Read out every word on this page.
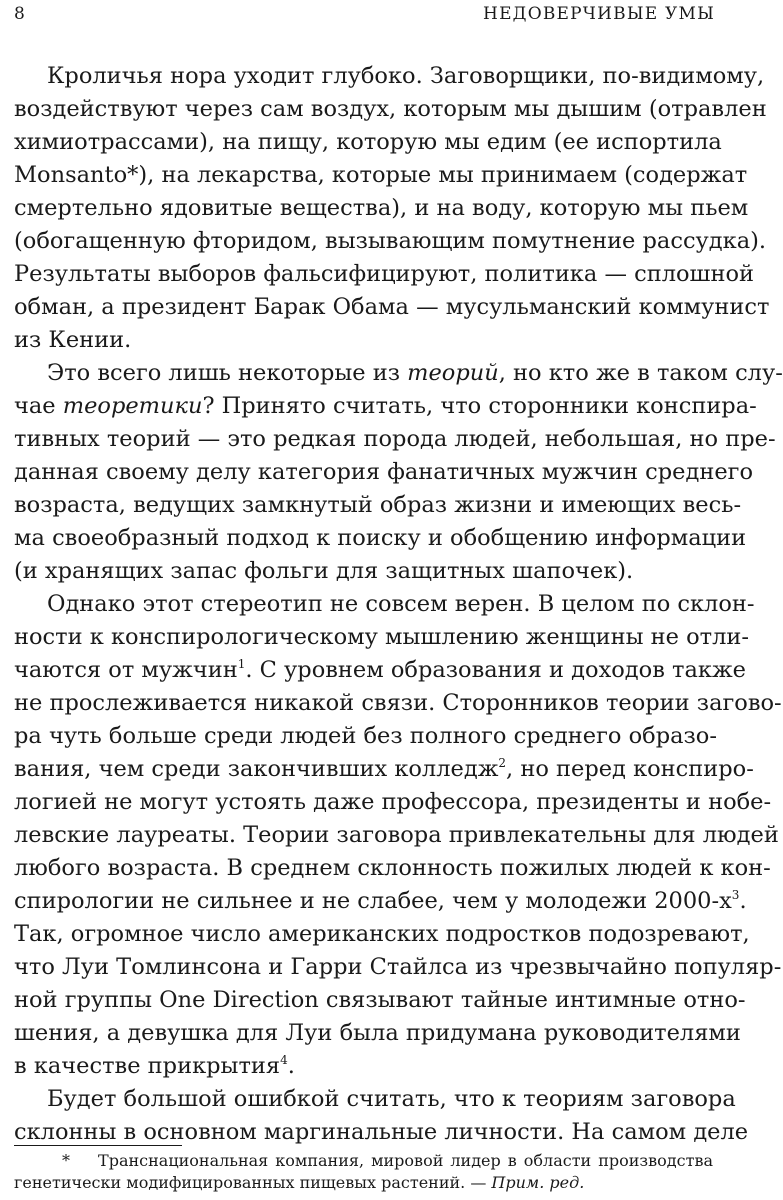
8	НЕДОВЕРЧИВЫЕ УМЫ
Кроличья нора уходит глубоко. Заговорщики, по-видимому,
воздействуют через сам воздух, которым мы дышим (отравлен
химиотрассами), на пищу, которую мы едим (ее испортила
Monsanto*), на лекарства, которые мы принимаем (содержат
смертельно ядовитые вещества), и на воду, которую мы пьем
(обогащенную фторидом, вызывающим помутнение рассудка).
Результаты выборов фальсифицируют, политика — сплошной
обман, а президент Барак Обама — мусульманский коммунист
из Кении.
Это всего лишь некоторые из теорий, но кто же в таком слу-
чае теоретики? Принято считать, что сторонники конспира-
тивных теорий — это редкая порода людей, небольшая, но пре-
данная своему делу категория фанатичных мужчин среднего
возраста, ведущих замкнутый образ жизни и имеющих весь-
ма своеобразный подход к поиску и обобщению информации
(и хранящих запас фольги для защитных шапочек).
Однако этот стереотип не совсем верен. В целом по склон-
ности к конспирологическому мышлению женщины не отли-
чаются от мужчин$^1$. С уровнем образования и доходов также
не прослеживается никакой связи. Сторонников теории загово-
ра чуть больше среди людей без полного среднего образо-
вания, чем среди закончивших колледж$^2$, но перед конспиро-
логией не могут устоять даже профессора, президенты и нобе-
левские лауреаты. Теории заговора привлекательны для людей
любого возраста. В среднем склонность пожилых людей к кон-
спирологии не сильнее и не слабее, чем у молодежи $2000-х^3$.
Так, огромное число американских подростков подозревают,
что Луи Томлинсона и Гарри Стайлса из чрезвычайно популяр-
ной группы One Direction связывают тайные интимные отно-
шения, а девушка для Луи была придумана руководителями
в качестве прикрытия$^4$.
Будет большой ошибкой считать, что к теориям заговора
склонны в основном маргинальные личности. На самом деле
* Транснациональная компания, мировой лидер в области производства
генетически модифицированных пищевых растений. — Прим. ред.
